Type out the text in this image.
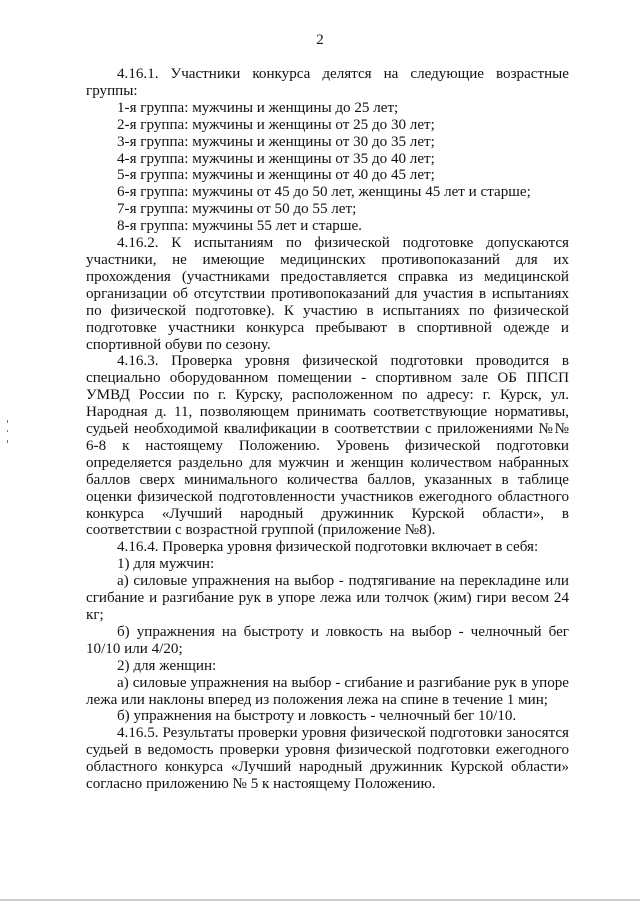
2

4.16.1. Участники конкурса делятся на следующие возрастные группы:

1-я группа: мужчины и женщины до 25 лет;

2-я группа: мужчины и женщины от 25 до 30 лет;

3-я группа: мужчины и женщины от 30 до 35 лет;

4-я группа: мужчины и женщины от 35 до 40 лет;

5-я группа: мужчины и женщины от 40 до 45 лет;

6-я группа: мужчины от 45 до 50 лет, женщины 45 лет и старше;

7-я группа: мужчины от 50 до 55 лет;

8-я группа: мужчины 55 лет и старше.

4.16.2. К испытаниям по физической подготовке допускаются участники, не имеющие медицинских противопоказаний для их прохождения (участниками предоставляется справка из медицинской организации об отсутствии противопоказаний для участия в испытаниях по физической подготовке). К участию в испытаниях по физической подготовке участники конкурса пребывают в спортивной одежде и спортивной обуви по сезону.

4.16.3. Проверка уровня физической подготовки проводится в специально оборудованном помещении - спортивном зале ОБ ППСП УМВД России по г. Курску, расположенном по адресу: г. Курск, ул. Народная д. 11, позволяющем принимать соответствующие нормативы, судьей необходимой квалификации в соответствии с приложениями №№ 6-8 к настоящему Положению. Уровень физической подготовки определяется раздельно для мужчин и женщин количеством набранных баллов сверх минимального количества баллов, указанных в таблице оценки физической подготовленности участников ежегодного областного конкурса «Лучший народный дружинник Курской области», в соответствии с возрастной группой (приложение №8).

4.16.4. Проверка уровня физической подготовки включает в себя:

1) для мужчин:

а) силовые упражнения на выбор - подтягивание на перекладине или сгибание и разгибание рук в упоре лежа или толчок (жим) гири весом 24 кг;

б) упражнения на быстроту и ловкость на выбор - челночный бег 10/10 или 4/20;

2) для женщин:

а) силовые упражнения на выбор - сгибание и разгибание рук в упоре лежа или наклоны вперед из положения лежа на спине в течение 1 мин;

б) упражнения на быстроту и ловкость - челночный бег 10/10.

4.16.5. Результаты проверки уровня физической подготовки заносятся судьей в ведомость проверки уровня физической подготовки ежегодного областного конкурса «Лучший народный дружинник Курской области» согласно приложению № 5 к настоящему Положению.
